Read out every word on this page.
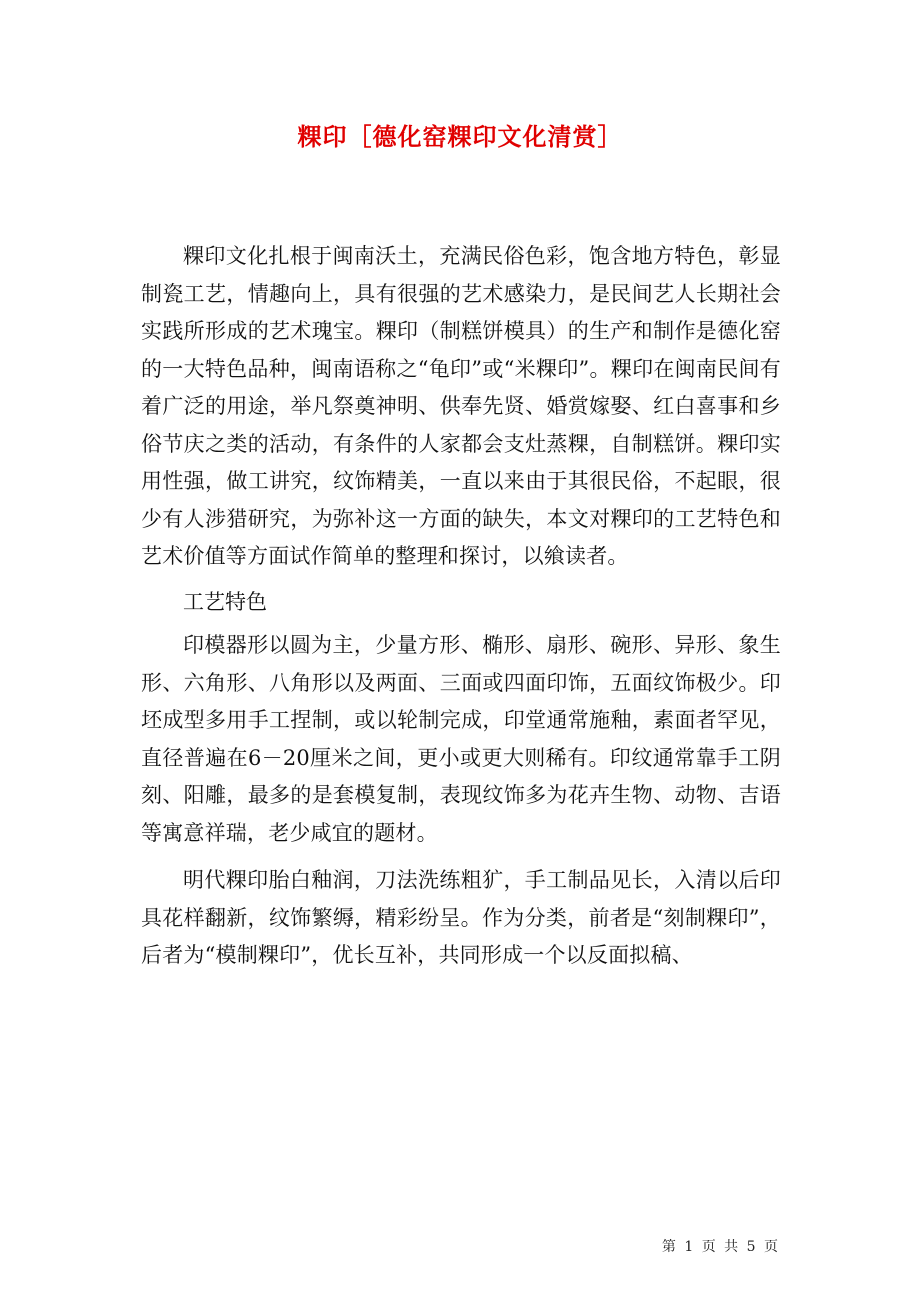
粿印［德化窑粿印文化清赏］

粿印文化扎根于闽南沃土，充满民俗色彩，饱含地方特色，彰显制瓷工艺，情趣向上，具有很强的艺术感染力，是民间艺人长期社会实践所形成的艺术瑰宝。粿印（制糕饼模具）的生产和制作是德化窑的一大特色品种，闽南语称之“龟印”或“米粿印”。粿印在闽南民间有着广泛的用途，举凡祭奠神明、供奉先贤、婚赏嫁娶、红白喜事和乡俗节庆之类的活动，有条件的人家都会支灶蒸粿，自制糕饼。粿印实用性强，做工讲究，纹饰精美，一直以来由于其很民俗，不起眼，很少有人涉猎研究，为弥补这一方面的缺失，本文对粿印的工艺特色和艺术价值等方面试作简单的整理和探讨，以飨读者。

工艺特色

印模器形以圆为主，少量方形、椭形、扇形、碗形、异形、象生形、六角形、八角形以及两面、三面或四面印饰，五面纹饰极少。印坯成型多用手工捏制，或以轮制完成，印堂通常施釉，素面者罕见，直径普遍在6－20厘米之间，更小或更大则稀有。印纹通常靠手工阴刻、阳雕，最多的是套模复制，表现纹饰多为花卉生物、动物、吉语等寓意祥瑞，老少咸宜的题材。

明代粿印胎白釉润，刀法洗练粗犷，手工制品见长，入清以后印具花样翻新，纹饰繁缛，精彩纷呈。作为分类，前者是“刻制粿印”，后者为“模制粿印”，优长互补，共同形成一个以反面拟稿、

第 1 页 共 5 页
